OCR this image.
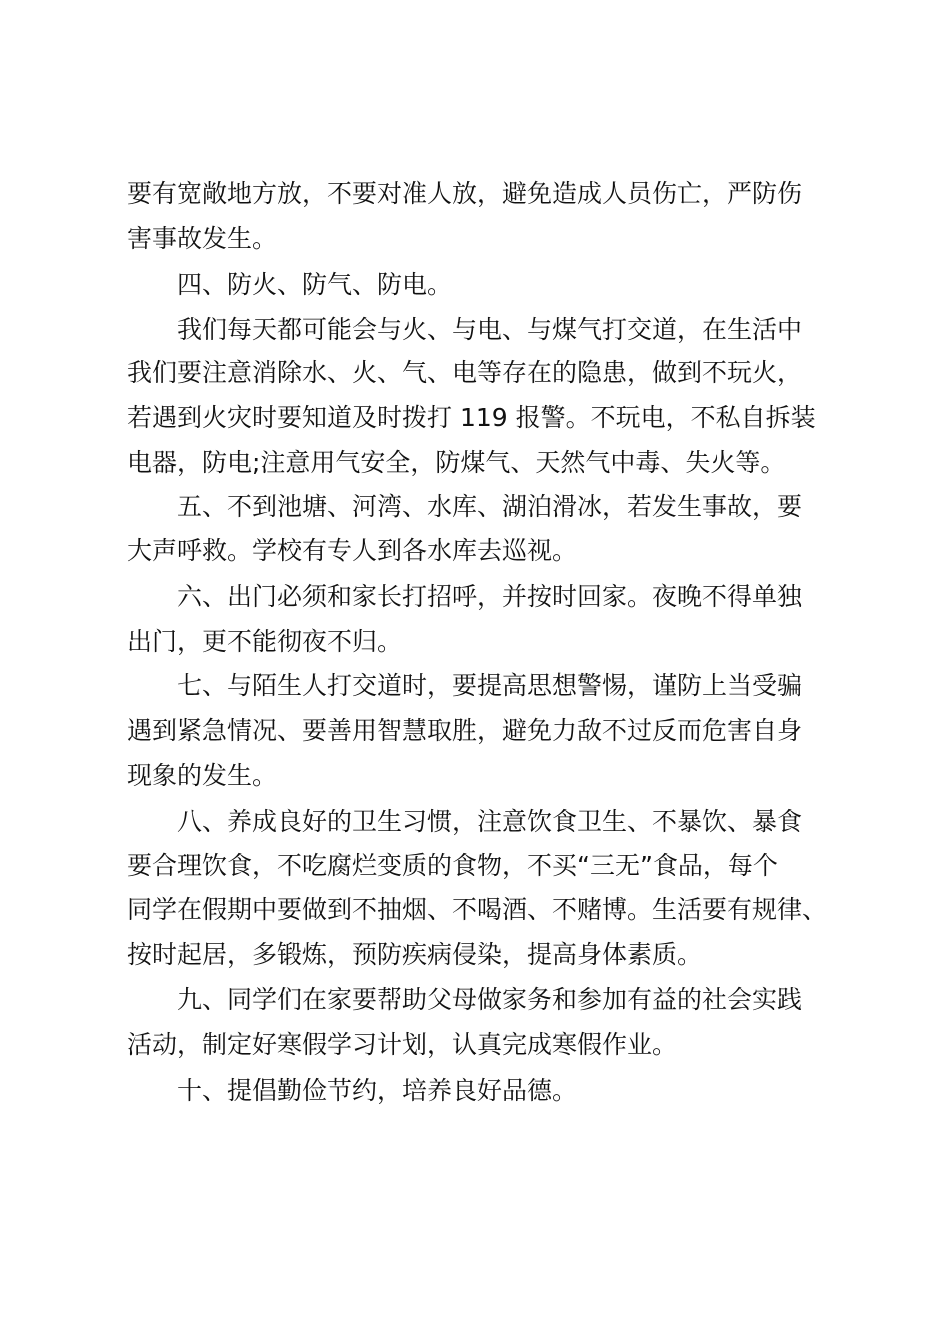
要有宽敞地方放，不要对准人放，避免造成人员伤亡，严防伤
害事故发生。
四、防火、防气、防电。
我们每天都可能会与火、与电、与煤气打交道，在生活中
我们要注意消除水、火、气、电等存在的隐患，做到不玩火，
若遇到火灾时要知道及时拨打 119 报警。不玩电，不私自拆装
电器，防电;注意用气安全，防煤气、天然气中毒、失火等。
五、不到池塘、河湾、水库、湖泊滑冰，若发生事故，要
大声呼救。学校有专人到各水库去巡视。
六、出门必须和家长打招呼，并按时回家。夜晚不得单独
出门，更不能彻夜不归。
七、与陌生人打交道时，要提高思想警惕，谨防上当受骗
遇到紧急情况、要善用智慧取胜，避免力敌不过反而危害自身
现象的发生。
八、养成良好的卫生习惯，注意饮食卫生、不暴饮、暴食
要合理饮食，不吃腐烂变质的食物，不买“三无”食品，每个
同学在假期中要做到不抽烟、不喝酒、不赌博。生活要有规律、
按时起居，多锻炼，预防疾病侵染，提高身体素质。
九、同学们在家要帮助父母做家务和参加有益的社会实践
活动，制定好寒假学习计划，认真完成寒假作业。
十、提倡勤俭节约，培养良好品德。
